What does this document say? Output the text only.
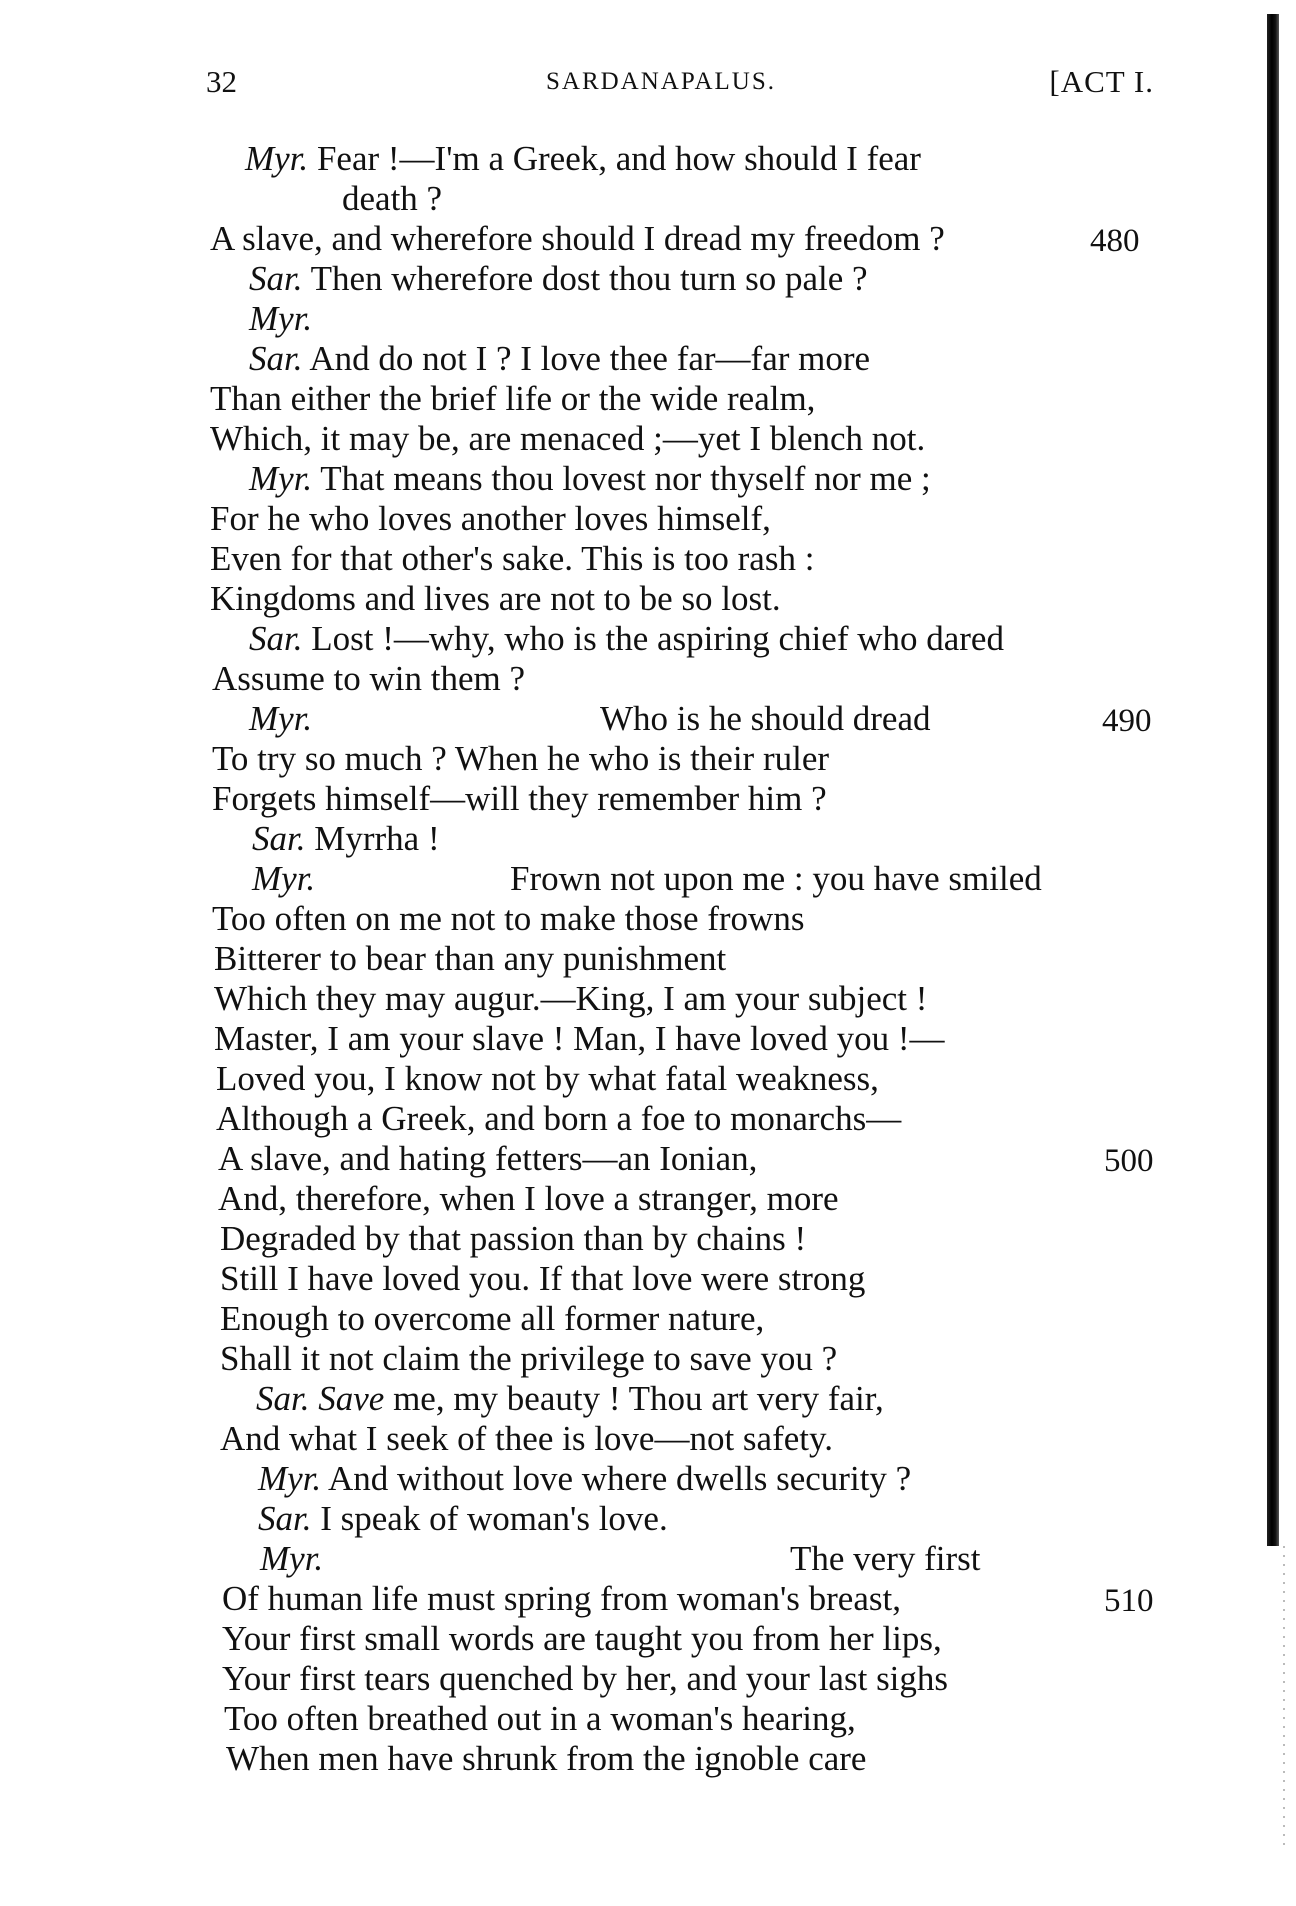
32	SARDANAPALUS.	[ACT I.
Myr. Fear !—I'm a Greek, and how should I fear
death ?
A slave, and wherefore should I dread my freedom ?	480
Sar. Then wherefore dost thou turn so pale ?
Myr.
Sar. And do not I ? I love thee far—far more
Than either the brief life or the wide realm,
Which, it may be, are menaced ;—yet I blench not.
Myr. That means thou lovest nor thyself nor me ;
For he who loves another loves himself,
Even for that other's sake. This is too rash :
Kingdoms and lives are not to be so lost.
Sar. Lost !—why, who is the aspiring chief who dared
Assume to win them ?
Myr.	Who is he should dread	490
To try so much ? When he who is their ruler
Forgets himself—will they remember him ?
Sar. Myrrha !
Myr.	Frown not upon me : you have smiled
Too often on me not to make those frowns
Bitterer to bear than any punishment
Which they may augur.—King, I am your subject !
Master, I am your slave ! Man, I have loved you !—
Loved you, I know not by what fatal weakness,
Although a Greek, and born a foe to monarchs—
A slave, and hating fetters—an Ionian,	500
And, therefore, when I love a stranger, more
Degraded by that passion than by chains !
Still I have loved you. If that love were strong
Enough to overcome all former nature,
Shall it not claim the privilege to save you ?
Sar. Save me, my beauty ! Thou art very fair,
And what I seek of thee is love—not safety.
Myr. And without love where dwells security ?
Sar. I speak of woman's love.
Myr.	The very first
Of human life must spring from woman's breast,	510
Your first small words are taught you from her lips,
Your first tears quenched by her, and your last sighs
Too often breathed out in a woman's hearing,
When men have shrunk from the ignoble care
